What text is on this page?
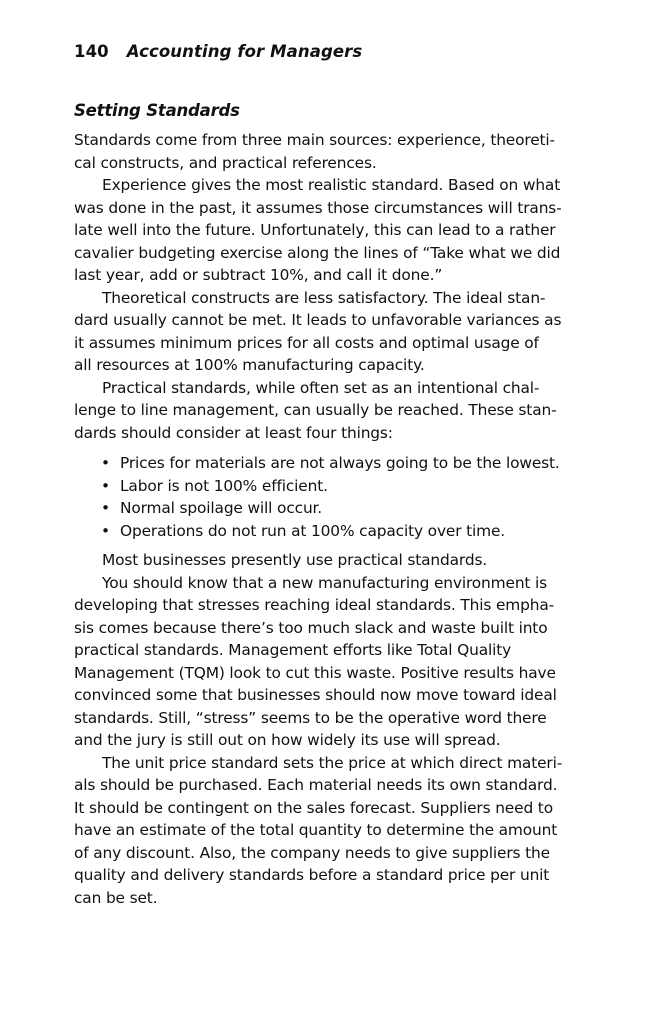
140 Accounting for Managers
Setting Standards
Standards come from three main sources: experience, theoreti-
cal constructs, and practical references.
Experience gives the most realistic standard. Based on what
was done in the past, it assumes those circumstances will trans-
late well into the future. Unfortunately, this can lead to a rather
cavalier budgeting exercise along the lines of “Take what we did
last year, add or subtract 10%, and call it done.”
Theoretical constructs are less satisfactory. The ideal stan-
dard usually cannot be met. It leads to unfavorable variances as
it assumes minimum prices for all costs and optimal usage of
all resources at 100% manufacturing capacity.
Practical standards, while often set as an intentional chal-
lenge to line management, can usually be reached. These stan-
dards should consider at least four things:
• Prices for materials are not always going to be the lowest.
• Labor is not 100% efficient.
• Normal spoilage will occur.
• Operations do not run at 100% capacity over time.
Most businesses presently use practical standards.
You should know that a new manufacturing environment is
developing that stresses reaching ideal standards. This empha-
sis comes because there’s too much slack and waste built into
practical standards. Management efforts like Total Quality
Management (TQM) look to cut this waste. Positive results have
convinced some that businesses should now move toward ideal
standards. Still, “stress” seems to be the operative word there
and the jury is still out on how widely its use will spread.
The unit price standard sets the price at which direct materi-
als should be purchased. Each material needs its own standard.
It should be contingent on the sales forecast. Suppliers need to
have an estimate of the total quantity to determine the amount
of any discount. Also, the company needs to give suppliers the
quality and delivery standards before a standard price per unit
can be set.
